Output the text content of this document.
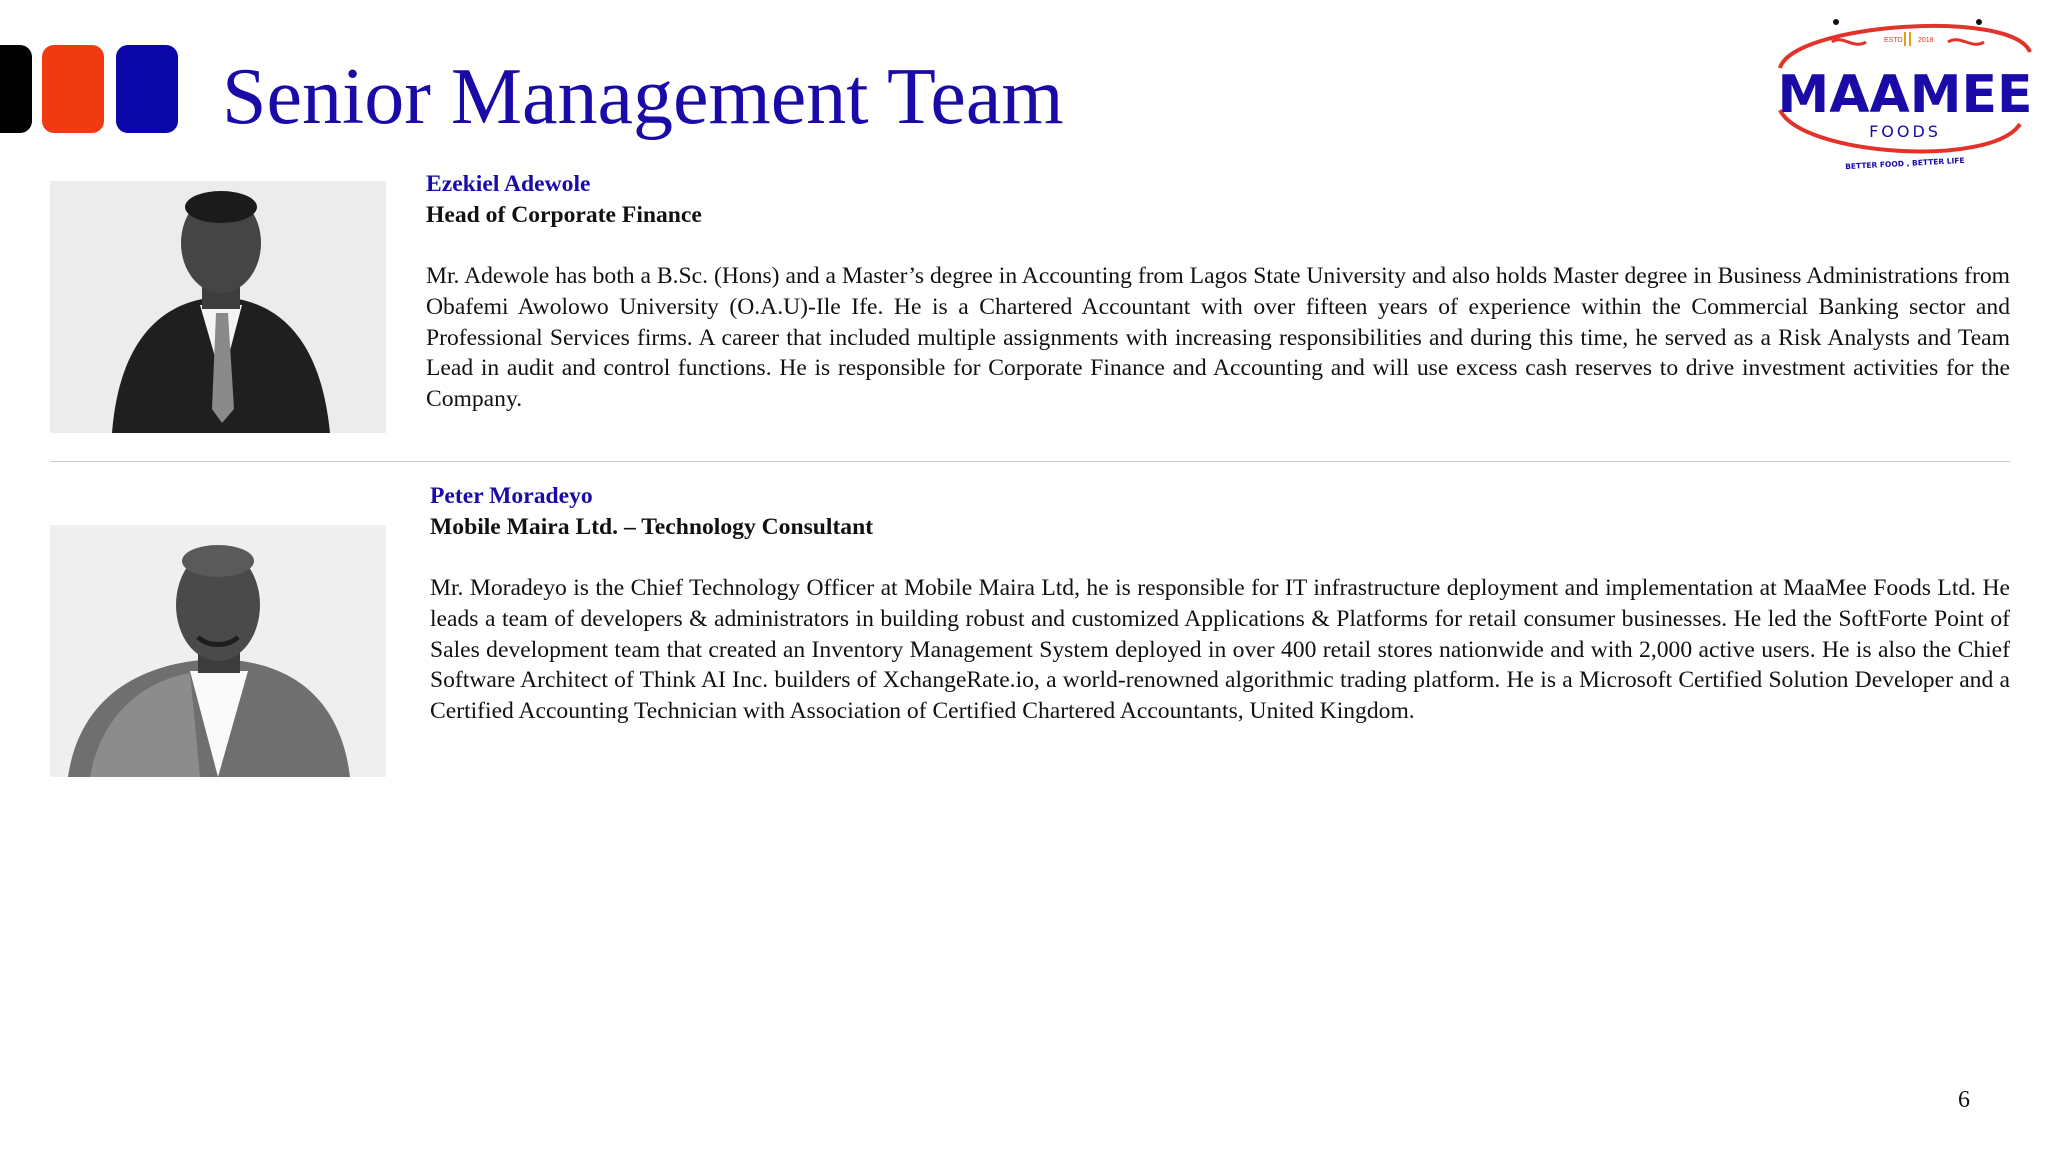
Senior Management Team
ESTD 2018
MAAMEE
FOODS
BETTER FOOD , BETTER LIFE

Ezekiel Adewole

Head of Corporate Finance

Mr. Adewole has both a B.Sc. (Hons) and a Master’s degree in Accounting from Lagos State University and also holds Master degree in Business Administrations from Obafemi Awolowo University (O.A.U)-Ile Ife. He is a Chartered Accountant with over fifteen years of experience within the Commercial Banking sector and Professional Services firms. A career that included multiple assignments with increasing responsibilities and during this time, he served as a Risk Analysts and Team Lead in audit and control functions. He is responsible for Corporate Finance and Accounting and will use excess cash reserves to drive investment activities for the Company.

Peter Moradeyo

Mobile Maira Ltd. – Technology Consultant

Mr. Moradeyo is the Chief Technology Officer at Mobile Maira Ltd, he is responsible for IT infrastructure deployment and implementation at MaaMee Foods Ltd. He leads a team of developers & administrators in building robust and customized Applications & Platforms for retail consumer businesses. He led the SoftForte Point of Sales development team that created an Inventory Management System deployed in over 400 retail stores nationwide and with 2,000 active users. He is also the Chief Software Architect of Think AI Inc. builders of XchangeRate.io, a world-renowned algorithmic trading platform. He is a Microsoft Certified Solution Developer and a Certified Accounting Technician with Association of Certified Chartered Accountants, United Kingdom.

6
